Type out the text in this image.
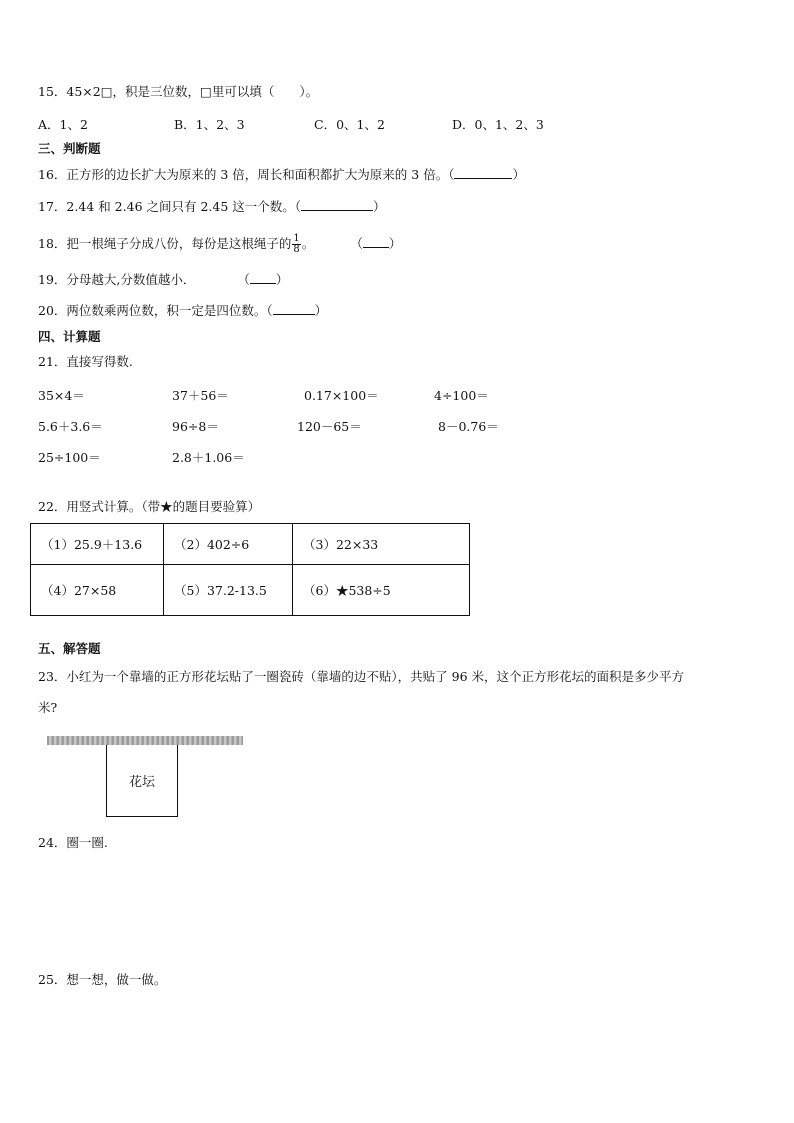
15．45×2□，积是三位数，□里可以填（　　）。
A．1、2	B．1、2、3	C．0、1、2	D．0、1、2、3
三、判断题
16．正方形的边长扩大为原来的 3 倍，周长和面积都扩大为原来的 3 倍。（	）
17．2.44 和 2.46 之间只有 2.45 这一个数。（	）
18．把一根绳子分成八份，每份是这根绳子的 $\frac{1}{8}$ 。	（ ）
19．分母越大,分数值越小．	（ ）
20．两位数乘两位数，积一定是四位数。（	）
四、计算题
21．直接写得数.
35×4＝	37＋56＝	0.17×100＝	4÷100＝
5.6＋3.6＝	96÷8＝	120－65＝	8－0.76＝
25÷100＝	2.8＋1.06＝
22．用竖式计算。（带★的题目要验算）
（1）25.9＋13.6	（2）402÷6	（3）22×33
（4）27×58	（5）37.2-13.5	（6）★538÷5
五、解答题
23．小红为一个靠墙的正方形花坛贴了一圈瓷砖（靠墙的边不贴），共贴了 96 米，这个正方形花坛的面积是多少平方
米?
花坛
24．圈一圈.
25．想一想，做一做。
